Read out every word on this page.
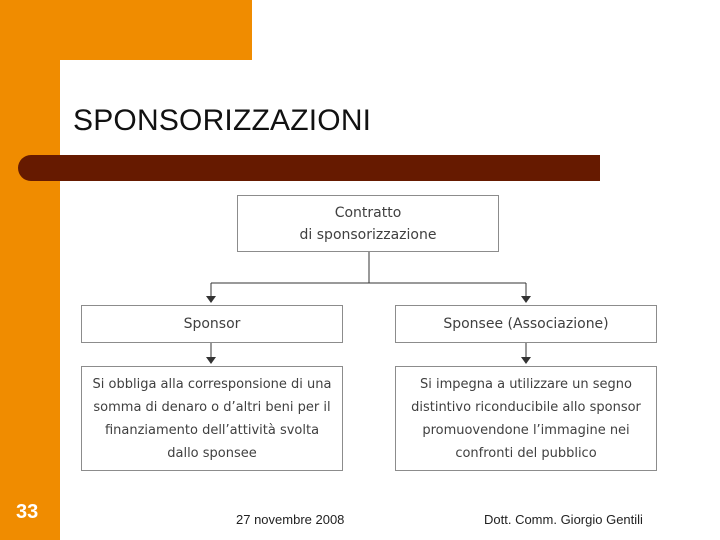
SPONSORIZZAZIONI
Contratto
di sponsorizzazione
Sponsor	Sponsee (Associazione)
Si obbliga alla corresponsione di una somma di denaro o d’altri beni per il finanziamento dell’attività svolta dallo sponsee
Si impegna a utilizzare un segno distintivo riconducibile allo sponsor promuovendone l’immagine nei confronti del pubblico
33	27 novembre 2008	Dott. Comm. Giorgio Gentili
